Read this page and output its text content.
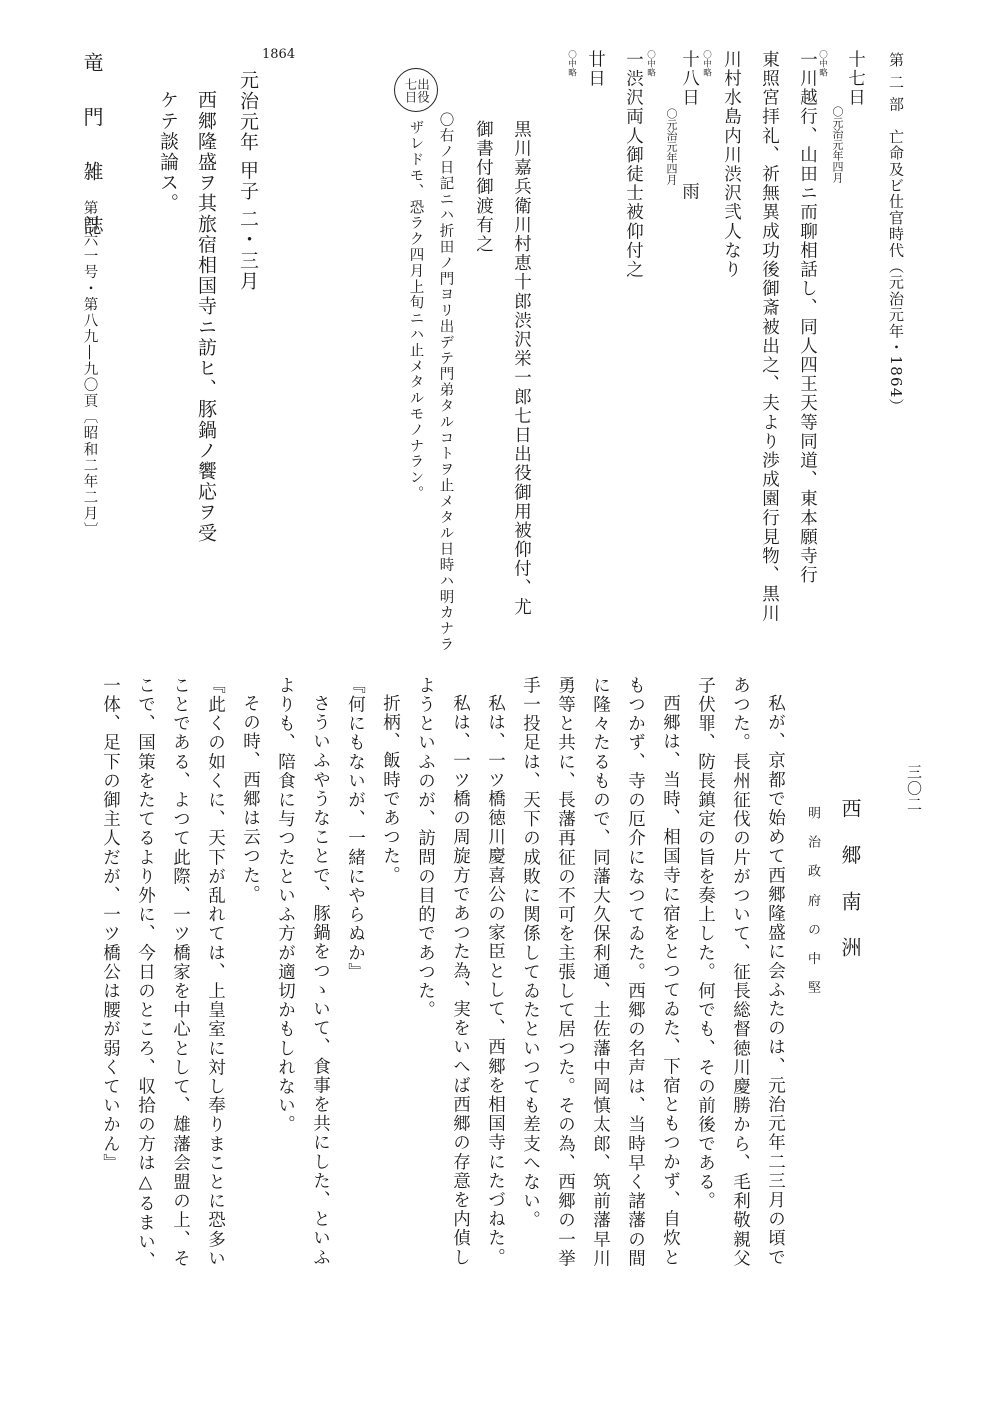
第 二 部　亡命及ビ仕官時代（元治元年・1864）
三〇二
十七日
〇元治元年四月
〇中略
一川越行、山田ニ而聊相話し、同人四王天等同道、東本願寺行
東照宮拝礼、祈無異成功後御斎被出之、夫より渉成園行見物、黒川
川村水島内川渋沢弐人なり
〇中略
十八日
〇元治元年四月
雨
〇中略
一渋沢両人御徒士被仰付之
廿日
〇中略
黒川嘉兵衛川村恵十郎渋沢栄一郎七日出役御用被仰付、尤
七日
出役
御書付御渡有之
〇右ノ日記ニハ折田ノ門ヨリ出デテ門弟タルコトヲ止メタル日時ハ明カナラ
ザレドモ、恐ラク四月上旬ニハ止メタルモノナラン。
1864
元治元年 甲子 二・三月
西郷隆盛ヲ其旅宿相国寺ニ訪ヒ、豚鍋ノ饗応ヲ受
ケテ談論ス。
竜 門 雑 誌
第四六一号・第八九―九〇頁〔昭和二年二月〕
西 郷 南 洲
明 治 政 府 の 中 堅
私が、京都で始めて西郷隆盛に会ふたのは、元治元年二三月の頃で
あつた。長州征伐の片がついて、征長総督徳川慶勝から、毛利敬親父
子伏罪、防長鎮定の旨を奏上した。何でも、その前後である。
西郷は、当時、相国寺に宿をとつてゐた、下宿ともつかず、自炊と
もつかず、寺の厄介になつてゐた。西郷の名声は、当時早く諸藩の間
に隆々たるもので、同藩大久保利通、土佐藩中岡慎太郎、筑前藩早川
勇等と共に、長藩再征の不可を主張して居つた。その為、西郷の一挙
手一投足は、天下の成敗に関係してゐたといつても差支へない。
私は、一ツ橋徳川慶喜公の家臣として、西郷を相国寺にたづねた。
私は、一ツ橋の周旋方であつた為、実をいへば西郷の存意を内偵し
ようといふのが、訪問の目的であつた。
折柄、飯時であつた。
『何にもないが、一緒にやらぬか』
さういふやうなことで、豚鍋をつゝいて、食事を共にした、といふ
よりも、陪食に与つたといふ方が適切かもしれない。
その時、西郷は云つた。
『此くの如くに、天下が乱れては、上皇室に対し奉りまことに恐多い
ことである、よつて此際、一ツ橋家を中心として、雄藩会盟の上、そ
こで、国策をたてるより外に、今日のところ、収拾の方は△るまい、
一体、足下の御主人だが、一ツ橋公は腰が弱くていかん』
